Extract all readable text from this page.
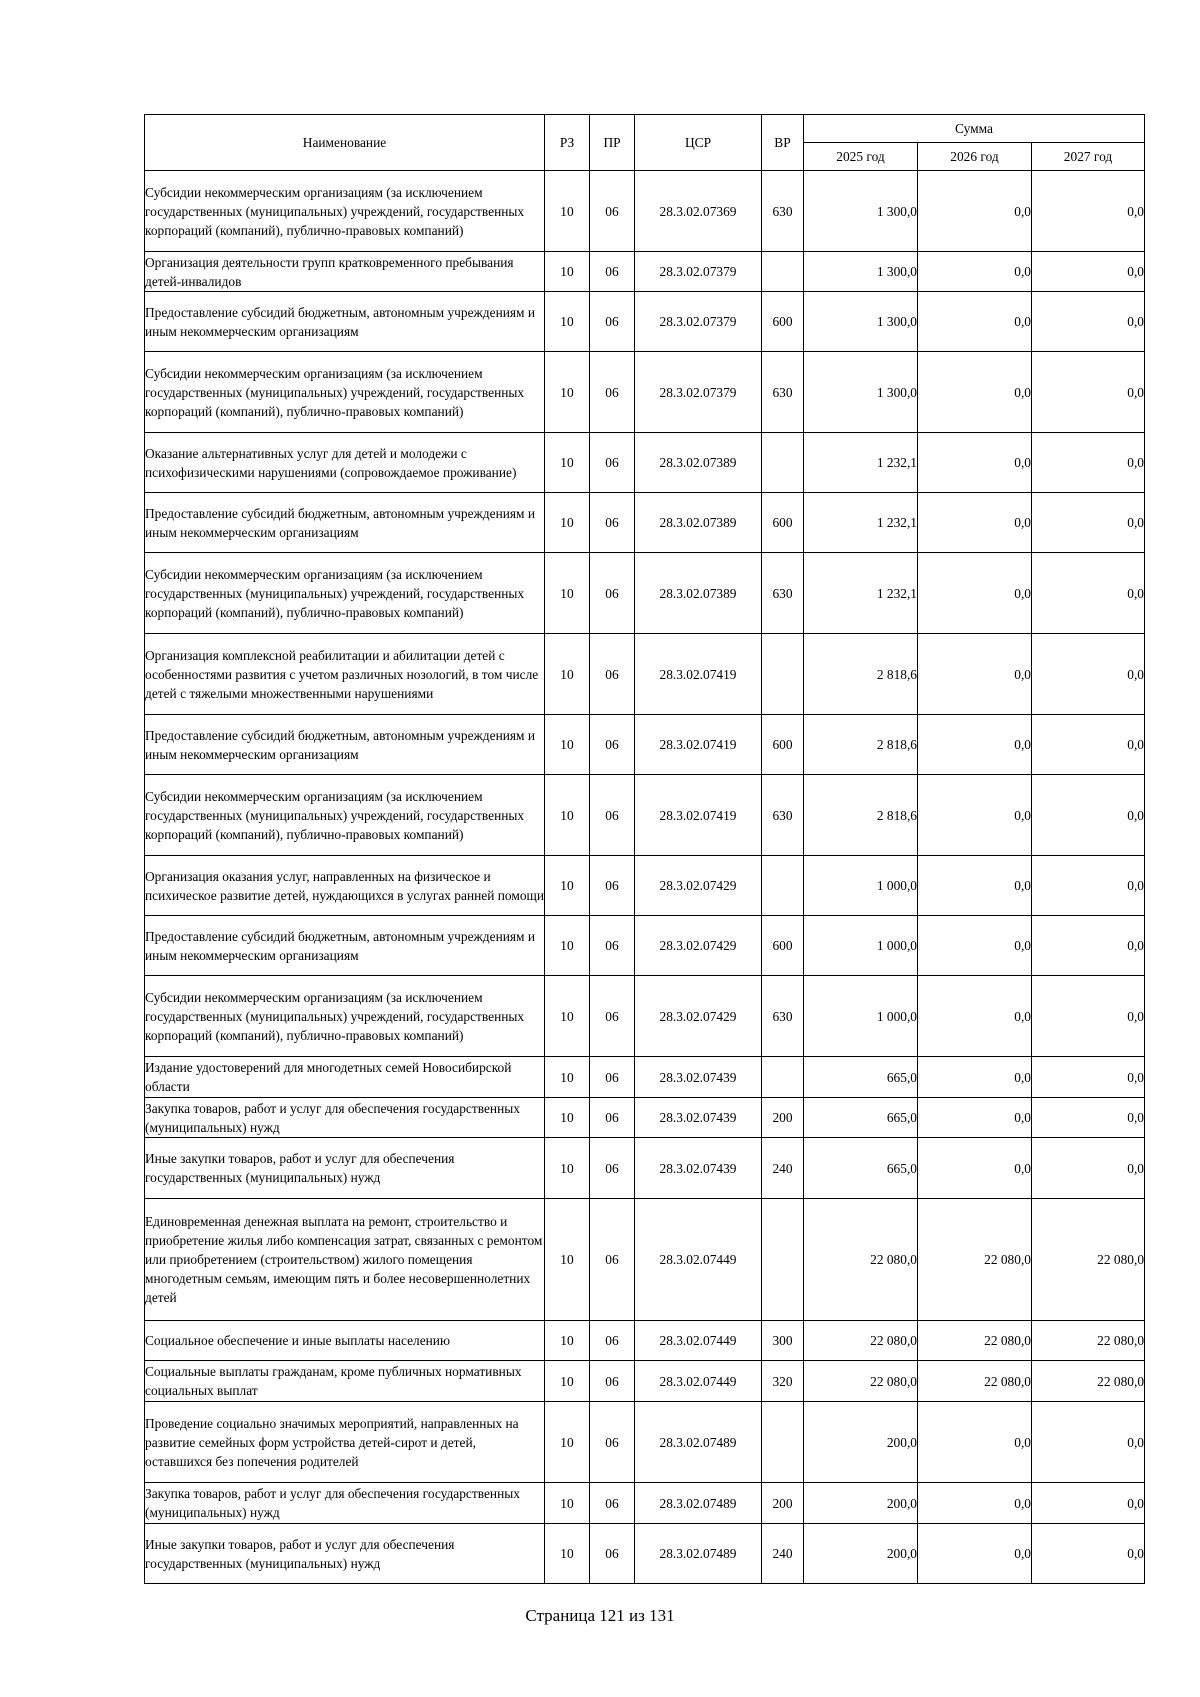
Наименование	РЗ	ПР	ЦСР	ВР	Сумма		
					2025 год	2026 год	2027 год
Субсидии некоммерческим организациям (за исключением государственных (муниципальных) учреждений, государственных корпораций (компаний), публично-правовых компаний)	10	06	28.3.02.07369	630	1 300,0	0,0	0,0
Организация деятельности групп кратковременного пребывания детей-инвалидов	10	06	28.3.02.07379		1 300,0	0,0	0,0
Предоставление субсидий бюджетным, автономным учреждениям и иным некоммерческим организациям	10	06	28.3.02.07379	600	1 300,0	0,0	0,0
Субсидии некоммерческим организациям (за исключением государственных (муниципальных) учреждений, государственных корпораций (компаний), публично-правовых компаний)	10	06	28.3.02.07379	630	1 300,0	0,0	0,0
Оказание альтернативных услуг для детей и молодежи с психофизическими нарушениями (сопровождаемое проживание)	10	06	28.3.02.07389		1 232,1	0,0	0,0
Предоставление субсидий бюджетным, автономным учреждениям и иным некоммерческим организациям	10	06	28.3.02.07389	600	1 232,1	0,0	0,0
Субсидии некоммерческим организациям (за исключением государственных (муниципальных) учреждений, государственных корпораций (компаний), публично-правовых компаний)	10	06	28.3.02.07389	630	1 232,1	0,0	0,0
Организация комплексной реабилитации и абилитации детей с особенностями развития с учетом различных нозологий, в том числе детей с тяжелыми множественными нарушениями	10	06	28.3.02.07419		2 818,6	0,0	0,0
Предоставление субсидий бюджетным, автономным учреждениям и иным некоммерческим организациям	10	06	28.3.02.07419	600	2 818,6	0,0	0,0
Субсидии некоммерческим организациям (за исключением государственных (муниципальных) учреждений, государственных корпораций (компаний), публично-правовых компаний)	10	06	28.3.02.07419	630	2 818,6	0,0	0,0
Организация оказания услуг, направленных на физическое и психическое развитие детей, нуждающихся в услугах ранней помощи	10	06	28.3.02.07429		1 000,0	0,0	0,0
Предоставление субсидий бюджетным, автономным учреждениям и иным некоммерческим организациям	10	06	28.3.02.07429	600	1 000,0	0,0	0,0
Субсидии некоммерческим организациям (за исключением государственных (муниципальных) учреждений, государственных корпораций (компаний), публично-правовых компаний)	10	06	28.3.02.07429	630	1 000,0	0,0	0,0
Издание удостоверений для многодетных семей Новосибирской области	10	06	28.3.02.07439		665,0	0,0	0,0
Закупка товаров, работ и услуг для обеспечения государственных (муниципальных) нужд	10	06	28.3.02.07439	200	665,0	0,0	0,0
Иные закупки товаров, работ и услуг для обеспечения государственных (муниципальных) нужд	10	06	28.3.02.07439	240	665,0	0,0	0,0
Единовременная денежная выплата на ремонт, строительство и приобретение жилья либо компенсация затрат, связанных с ремонтом или приобретением (строительством) жилого помещения многодетным семьям, имеющим пять и более несовершеннолетних детей	10	06	28.3.02.07449		22 080,0	22 080,0	22 080,0
Социальное обеспечение и иные выплаты населению	10	06	28.3.02.07449	300	22 080,0	22 080,0	22 080,0
Социальные выплаты гражданам, кроме публичных нормативных социальных выплат	10	06	28.3.02.07449	320	22 080,0	22 080,0	22 080,0
Проведение социально значимых мероприятий, направленных на развитие семейных форм устройства детей-сирот и детей, оставшихся без попечения родителей	10	06	28.3.02.07489		200,0	0,0	0,0
Закупка товаров, работ и услуг для обеспечения государственных (муниципальных) нужд	10	06	28.3.02.07489	200	200,0	0,0	0,0
Иные закупки товаров, работ и услуг для обеспечения государственных (муниципальных) нужд	10	06	28.3.02.07489	240	200,0	0,0	0,0
Страница 121 из 131
